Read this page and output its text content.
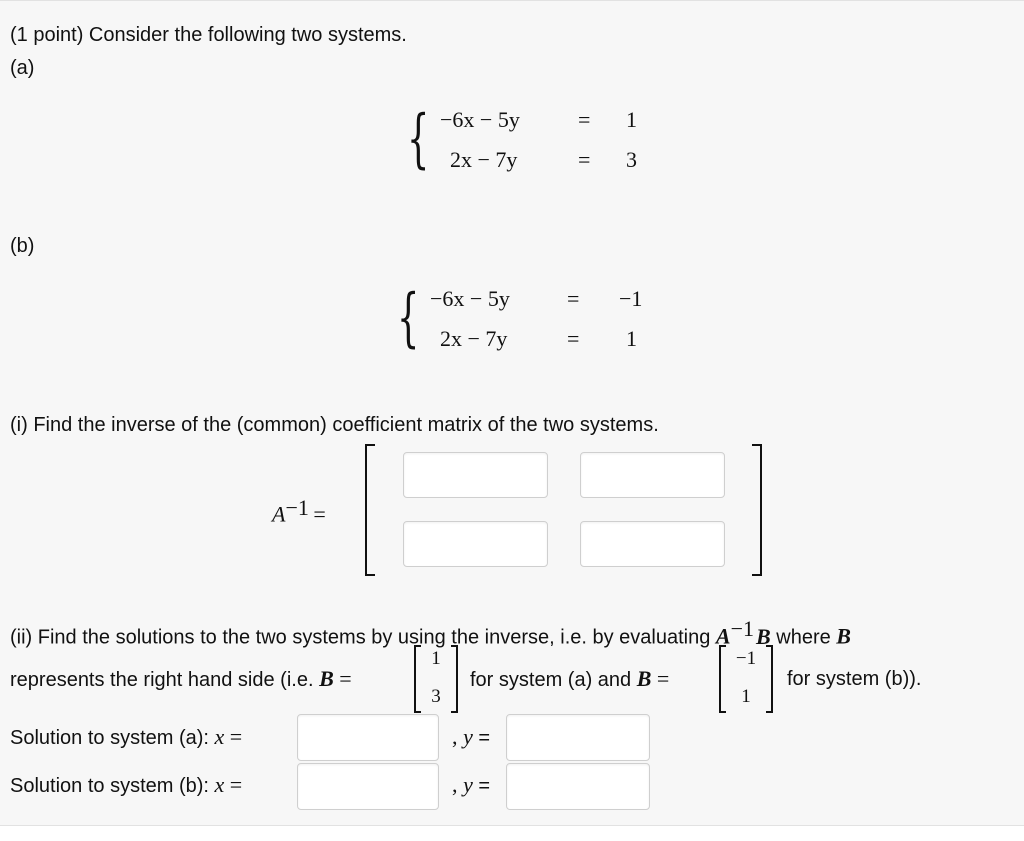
(1 point) Consider the following two systems.
(a)
{ −6x − 5y	= 1
2x − 7y	= 3
(b)
{ −6x − 5y	= −1
2x − 7y	= 1
(i) Find the inverse of the (common) coefficient matrix of the two systems.
$A^{-1}$ =
(ii) Find the solutions to the two systems by using the inverse, i.e. by evaluating $A^{-1}B$ where B
represents the right hand side (i.e. B =
1
3
for system (a) and B =
−1
1
for system (b)).
Solution to system (a): x =	, y =
Solution to system (b): x =	, y =
